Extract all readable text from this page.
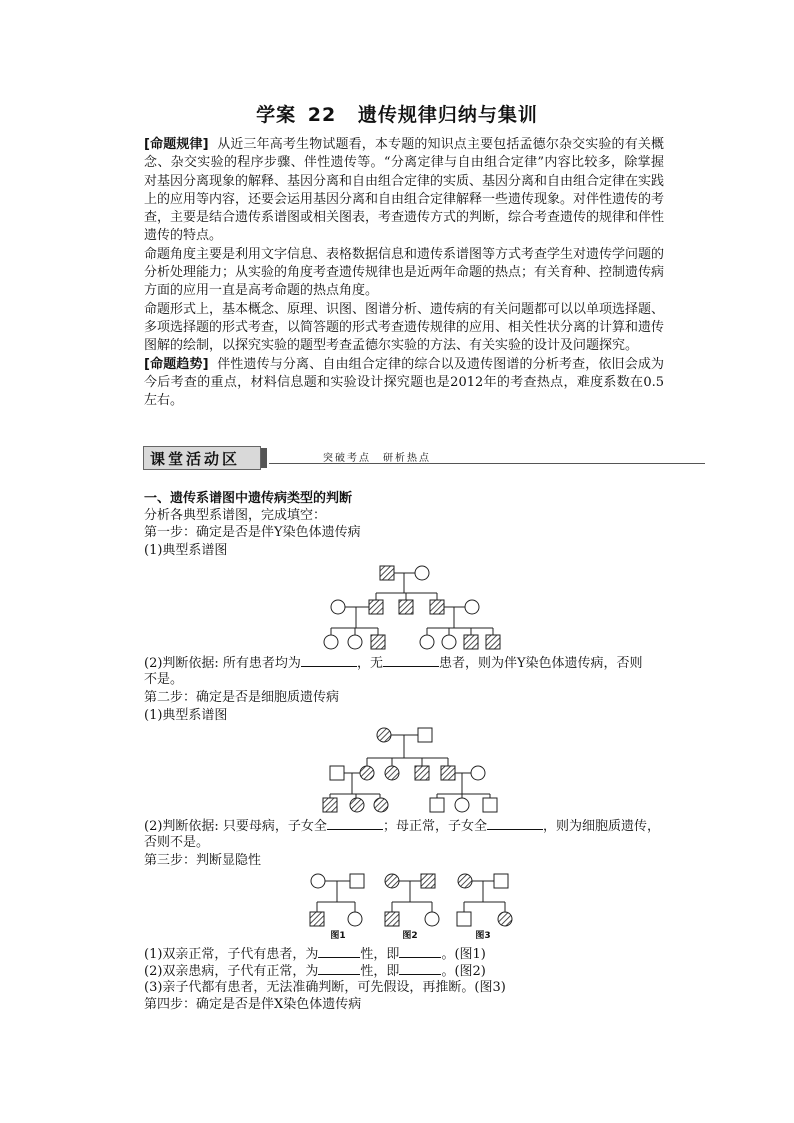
学案 22 遗传规律归纳与集训

[命题规律] 从近三年高考生物试题看，本专题的知识点主要包括孟德尔杂交实验的有关概念、杂交实验的程序步骤、伴性遗传等。“分离定律与自由组合定律”内容比较多，除掌握对基因分离现象的解释、基因分离和自由组合定律的实质、基因分离和自由组合定律在实践上的应用等内容，还要会运用基因分离和自由组合定律解释一些遗传现象。对伴性遗传的考查，主要是结合遗传系谱图或相关图表，考查遗传方式的判断，综合考查遗传的规律和伴性遗传的特点。

命题角度主要是利用文字信息、表格数据信息和遗传系谱图等方式考查学生对遗传学问题的分析处理能力；从实验的角度考查遗传规律也是近两年命题的热点；有关育种、控制遗传病方面的应用一直是高考命题的热点角度。

命题形式上，基本概念、原理、识图、图谱分析、遗传病的有关问题都可以以单项选择题、多项选择题的形式考查，以简答题的形式考查遗传规律的应用、相关性状分离的计算和遗传图解的绘制，以探究实验的题型考查孟德尔实验的方法、有关实验的设计及问题探究。

[命题趋势] 伴性遗传与分离、自由组合定律的综合以及遗传图谱的分析考查，依旧会成为今后考查的重点，材料信息题和实验设计探究题也是2012年的考查热点，难度系数在0.5左右。

课堂活动区	突破考点　研析热点
一、遗传系谱图中遗传病类型的判断
分析各典型系谱图，完成填空：
第一步：确定是否是伴Y染色体遗传病
(1)典型系谱图
图1	图2	图3
(2)判断依据: 所有患者均为	，无	患者，则为伴Y染色体遗传病，否则
不是。
第二步：确定是否是细胞质遗传病
(1)典型系谱图
(2)判断依据: 只要母病，子女全	；母正常，子女全	，则为细胞质遗传，
否则不是。
第三步：判断显隐性
(1)双亲正常，子代有患者，为	性，即	。(图1)
(2)双亲患病，子代有正常，为	性，即	。(图2)
(3)亲子代都有患者，无法准确判断，可先假设，再推断。(图3)
第四步：确定是否是伴X染色体遗传病
